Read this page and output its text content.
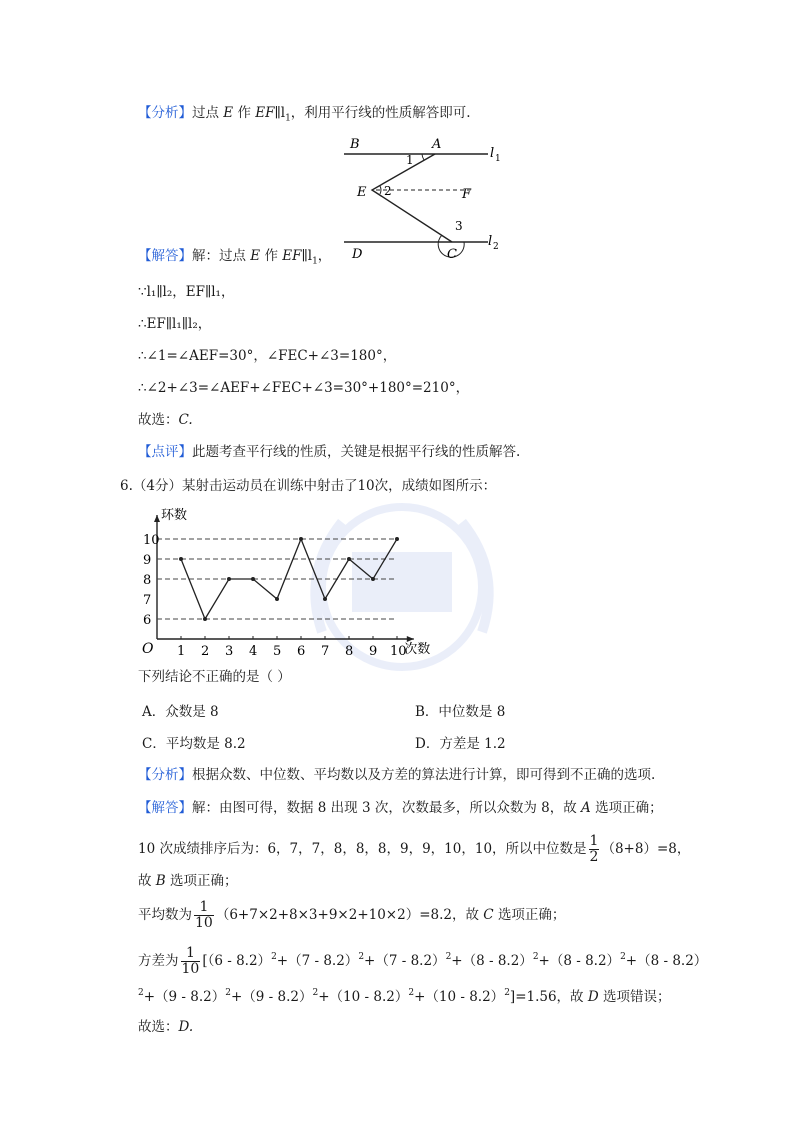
【分析】过点 E 作 $EF\parallel l_1$，利用平行线的性质解答即可.
B	A
l 1
1
E 2	F
3
D	C
l 2
【解答】解：过点 E 作 $EF\parallel l_1$，
∵l₁∥l₂，EF∥l₁，
∴EF∥l₁∥l₂，
∴∠1=∠AEF=30°，∠FEC+∠3=180°，
∴∠2+∠3=∠AEF+∠FEC+∠3=30°+180°=210°，
故选：C.
【点评】此题考查平行线的性质，关键是根据平行线的性质解答.
6.（4分）某射击运动员在训练中射击了10次，成绩如图所示：
6
7
8
9
10
1 2 3 4 5 6 7 8 9 10
O
环数
次数
下列结论不正确的是（ ）
A．众数是 8	B．中位数是 8
C．平均数是 8.2	D．方差是 1.2
【分析】根据众数、中位数、平均数以及方差的算法进行计算，即可得到不正确的选项.
【解答】解：由图可得，数据 8 出现 3 次，次数最多，所以众数为 8，故 A 选项正确；
10 次成绩排序后为：6，7，7，8，8，8，9，9，10，10，所以中位数是 $\frac{1}{2} (8+8)=8$，
故 B 选项正确；
平均数为 $\frac{1}{10} (6+7\times 2+8\times 3+9\times 2+10\times 2)=8.2$，故 C 选项正确；
方差为 $\frac{1}{10} [(6 - 8.2)^2+(7 - 8.2)^2+(7 - 8.2)^2+(8 - 8.2)^2+(8 - 8.2)^2+(8 - 8.2)$
$^2$+（9 - 8.2）$^2$+（9 - 8.2）$^2$+（10 - 8.2）$^2$+（10 - 8.2）$^2$]=1.56，故 D 选项错误；
故选：D.
